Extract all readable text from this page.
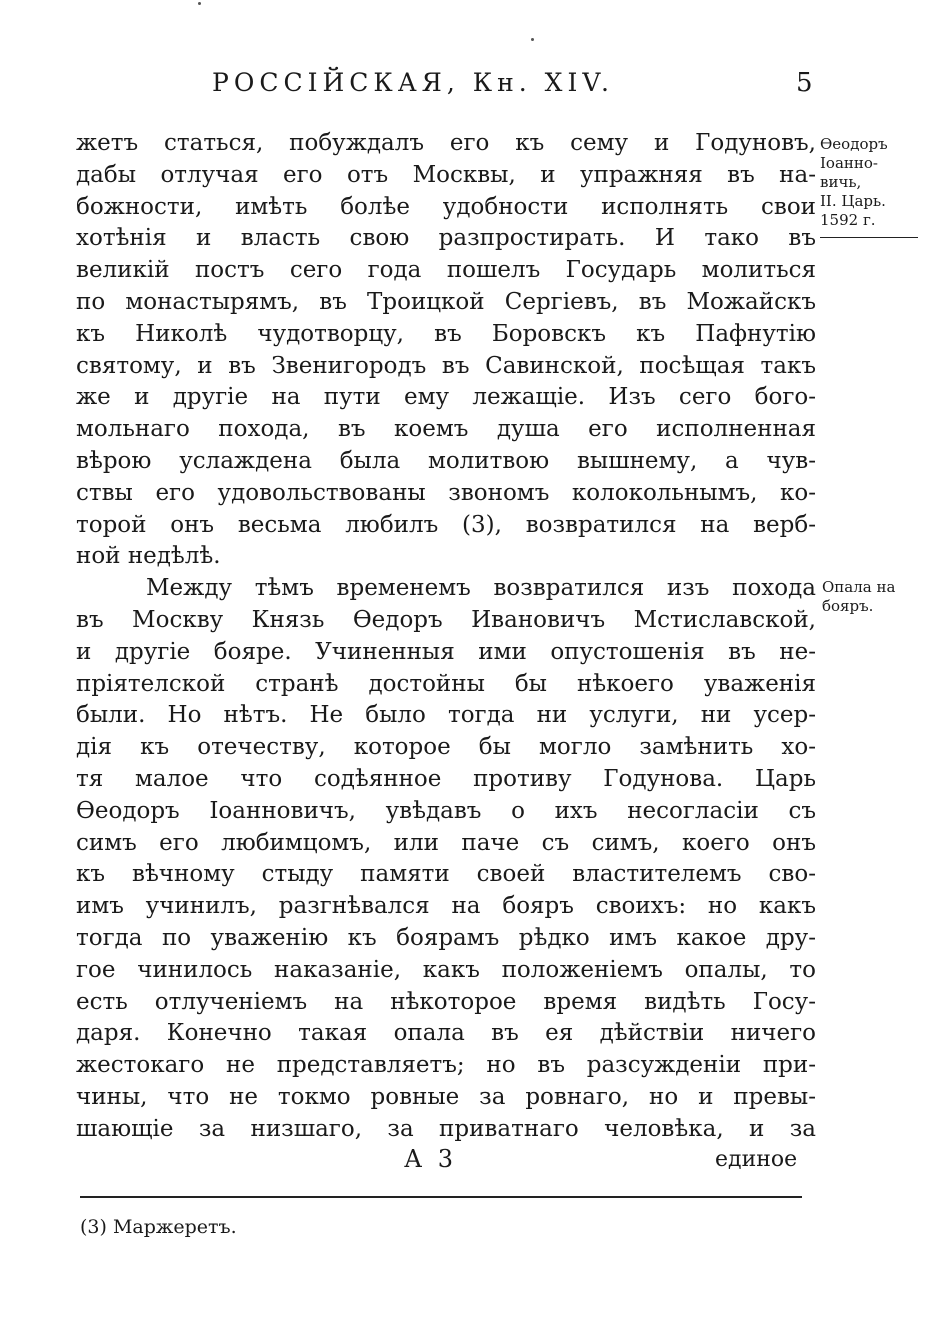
РОССІЙСКАЯ, Кн. XIV.	5
жетъ статься, побуждалъ его къ сему и Годуновъ,
дабы отлучая его отъ Москвы, и упражняя въ на-
божности, имѣть болѣе удобности исполнять свои
хотѣнія и власть свою разпростирать. И тако въ
великій постъ сего года пошелъ Государь молиться
по монастырямъ, въ Троицкой Сергіевъ, въ Можайскъ
къ Николѣ чудотворцу, въ Боровскъ къ Пафнутію
святому, и въ Звенигородъ въ Савинской, посѣщая такъ
же и другіе на пути ему лежащіе. Изъ сего бого-
мольнаго похода, въ коемъ душа его исполненная
вѣрою услаждена была молитвою вышнему, а чув-
ствы его удовольствованы звономъ колокольнымъ, ко-
торой онъ весьма любилъ (3), возвратился на верб-
ной недѣлѣ.
Между тѣмъ временемъ возвратился изъ похода
въ Москву Князь Ѳедоръ Ивановичъ Мстиславской,
и другіе бояре. Учиненныя ими опустошенія въ не-
пріятелской странѣ достойны бы нѣкоего уваженія
были. Но нѣтъ. Не было тогда ни услуги, ни усер-
дія къ отечеству, которое бы могло замѣнить хо-
тя малое что содѣянное противу Годунова. Царь
Ѳеодоръ Іоанновичъ, увѣдавъ о ихъ несогласіи съ
симъ его любимцомъ, или паче съ симъ, коего онъ
къ вѣчному стыду памяти своей властителемъ сво-
имъ учинилъ, разгнѣвался на бояръ своихъ: но какъ
тогда по уваженію къ боярамъ рѣдко имъ какое дру-
гое чинилось наказаніе, какъ положеніемъ опалы, то
есть отлученіемъ на нѣкоторое время видѣть Госу-
даря. Конечно такая опала въ ея дѣйствіи ничего
жестокаго не представляетъ; но въ разсужденіи при-
чины, что не токмо ровные за ровнаго, но и превы-
шающіе за низшаго, за приватнаго человѣка, и за
Ѳеодоръ
Іоанно-
вичь,
II. Царь.
1592 г.
Опала на
бояръ.
А 3	единое
(3) Маржеретъ.
